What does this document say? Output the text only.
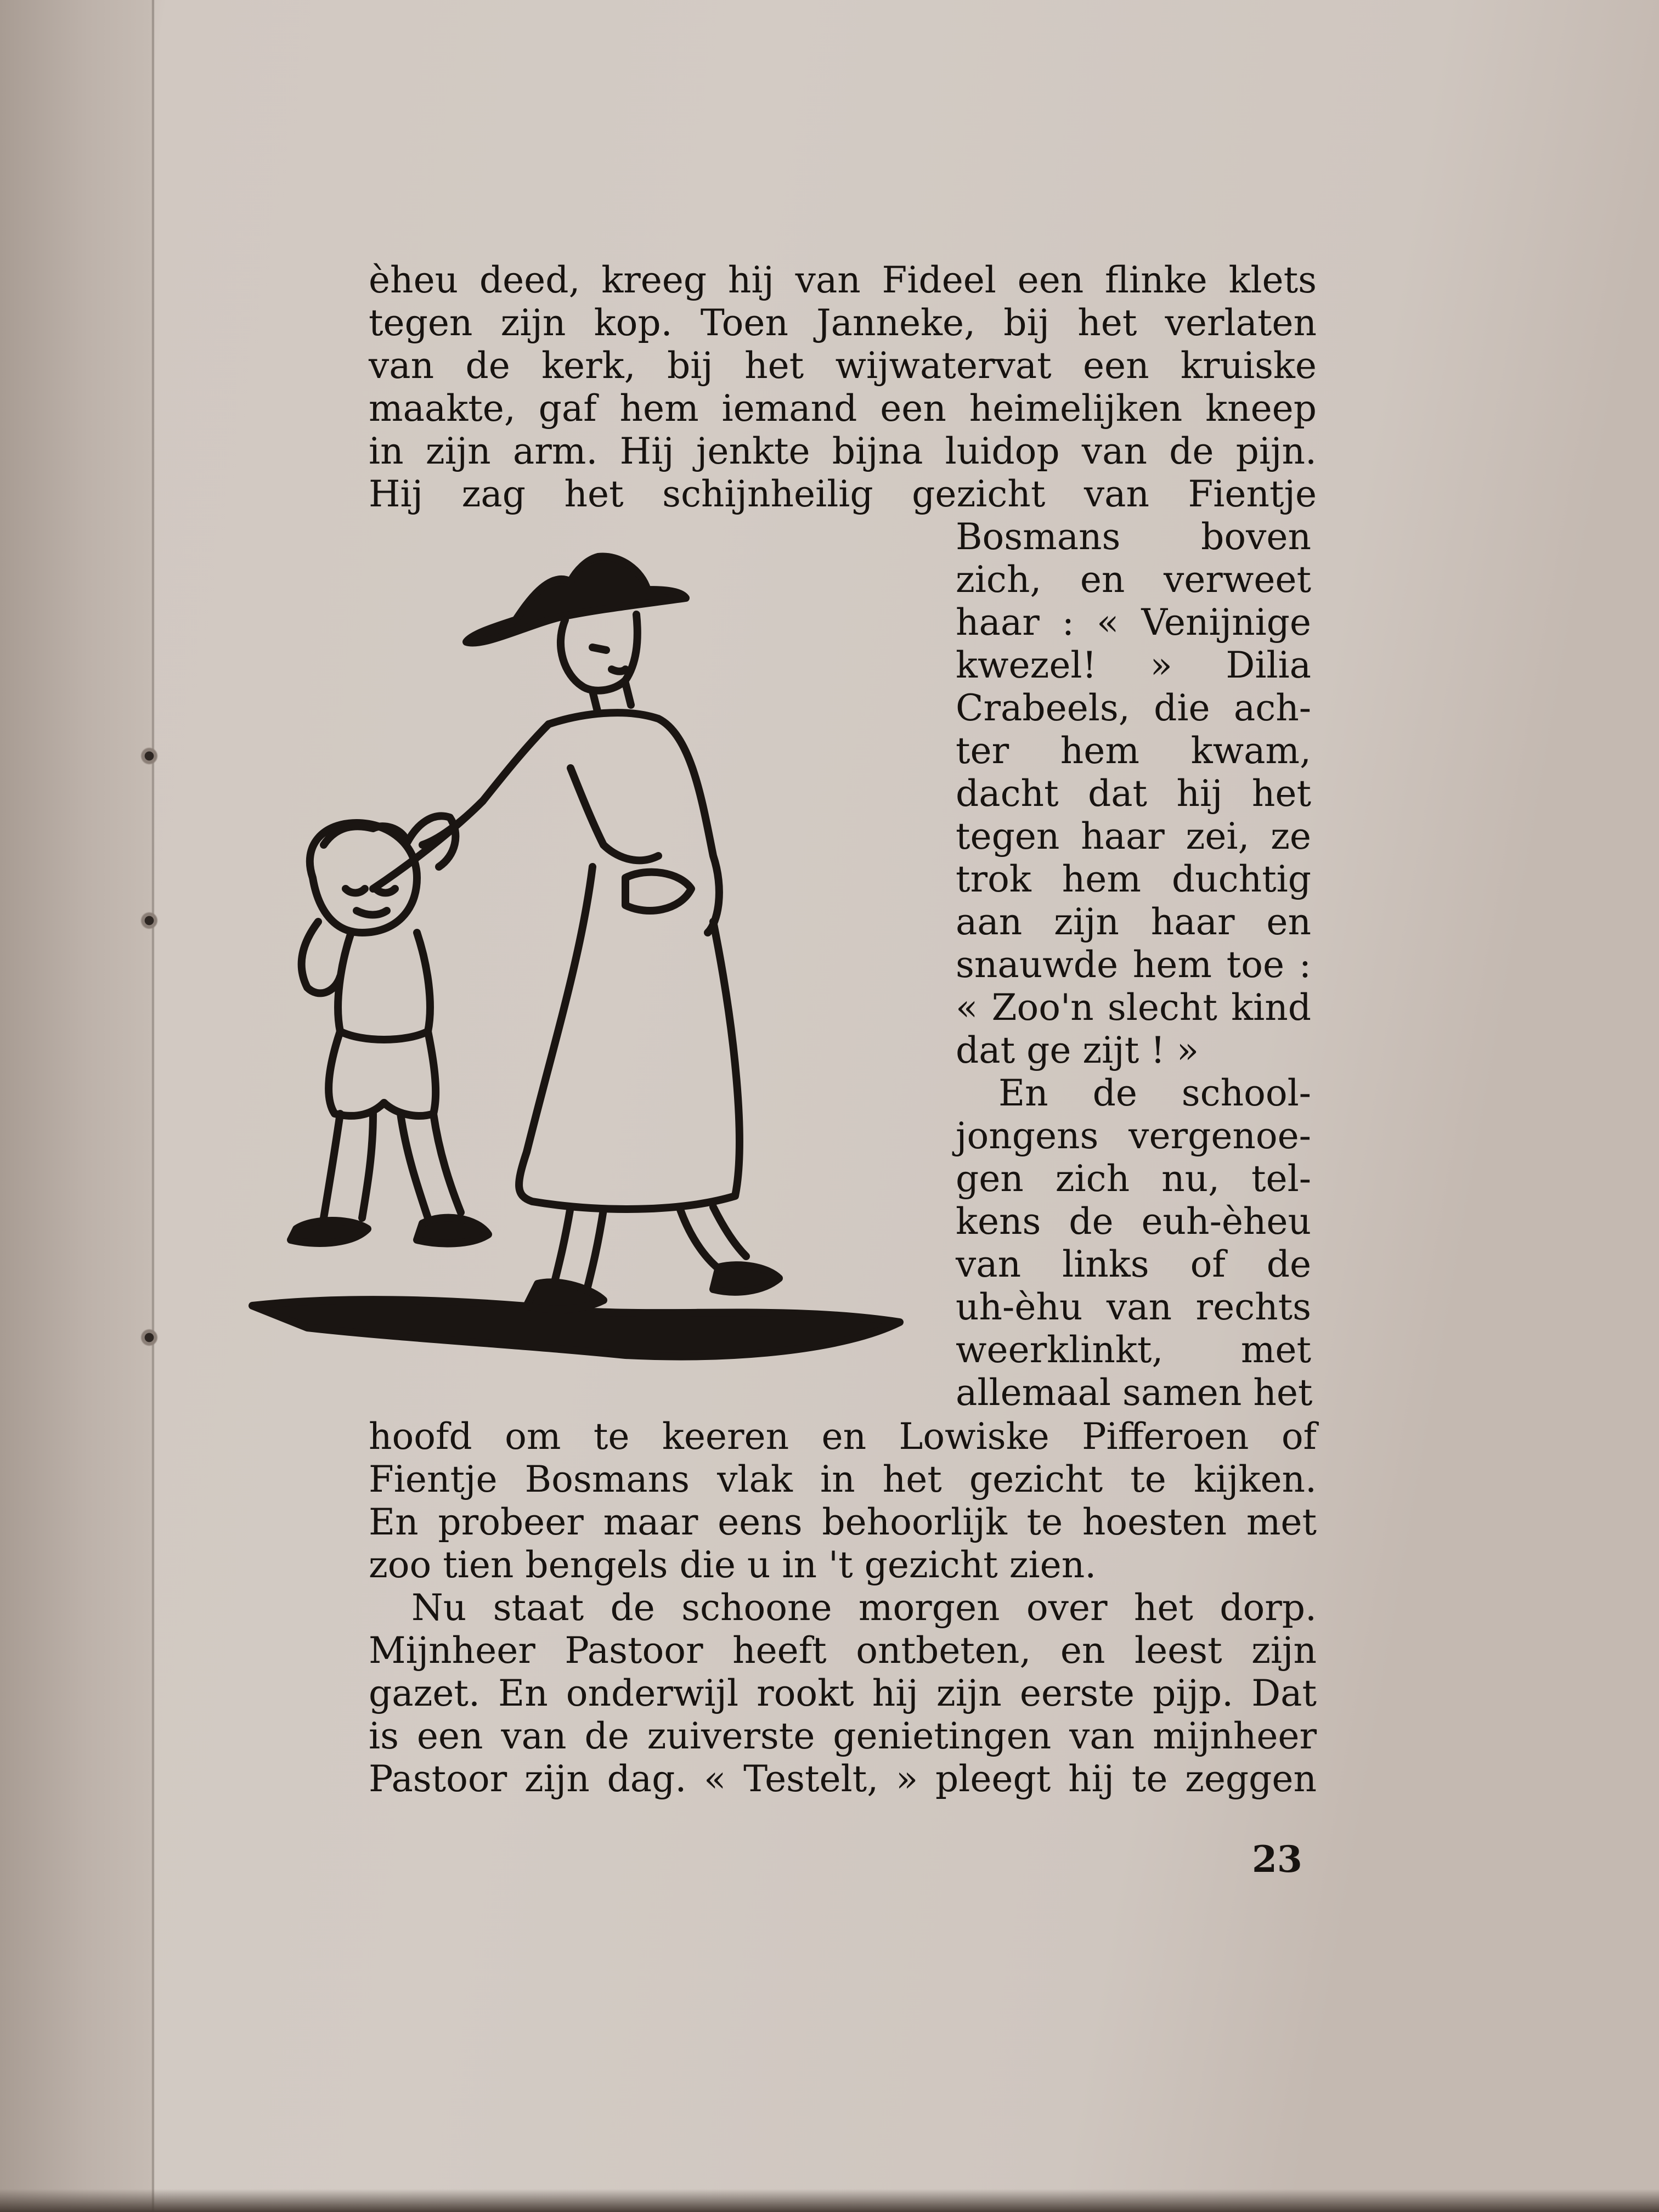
èheu deed, kreeg hij van Fideel een flinke klets
tegen zijn kop. Toen Janneke, bij het verlaten
van de kerk, bij het wijwatervat een kruiske
maakte, gaf hem iemand een heimelijken kneep
in zijn arm. Hij jenkte bijna luidop van de pijn.
Hij zag het schijnheilig gezicht van Fientje
Bosmans boven
zich, en verweet
haar : « Venijnige
kwezel! » Dilia
Crabeels, die ach-
ter hem kwam,
dacht dat hij het
tegen haar zei, ze
trok hem duchtig
aan zijn haar en
snauwde hem toe :
« Zoo'n slecht kind
dat ge zijt ! »
En de school-
jongens vergenoe-
gen zich nu, tel-
kens de euh-èheu
van links of de
uh-èhu van rechts
weerklinkt, met
allemaal samen het
hoofd om te keeren en Lowiske Pifferoen of
Fientje Bosmans vlak in het gezicht te kijken.
En probeer maar eens behoorlijk te hoesten met
zoo tien bengels die u in 't gezicht zien.
Nu staat de schoone morgen over het dorp.
Mijnheer Pastoor heeft ontbeten, en leest zijn
gazet. En onderwijl rookt hij zijn eerste pijp. Dat
is een van de zuiverste genietingen van mijnheer
Pastoor zijn dag. « Testelt, » pleegt hij te zeggen
23
